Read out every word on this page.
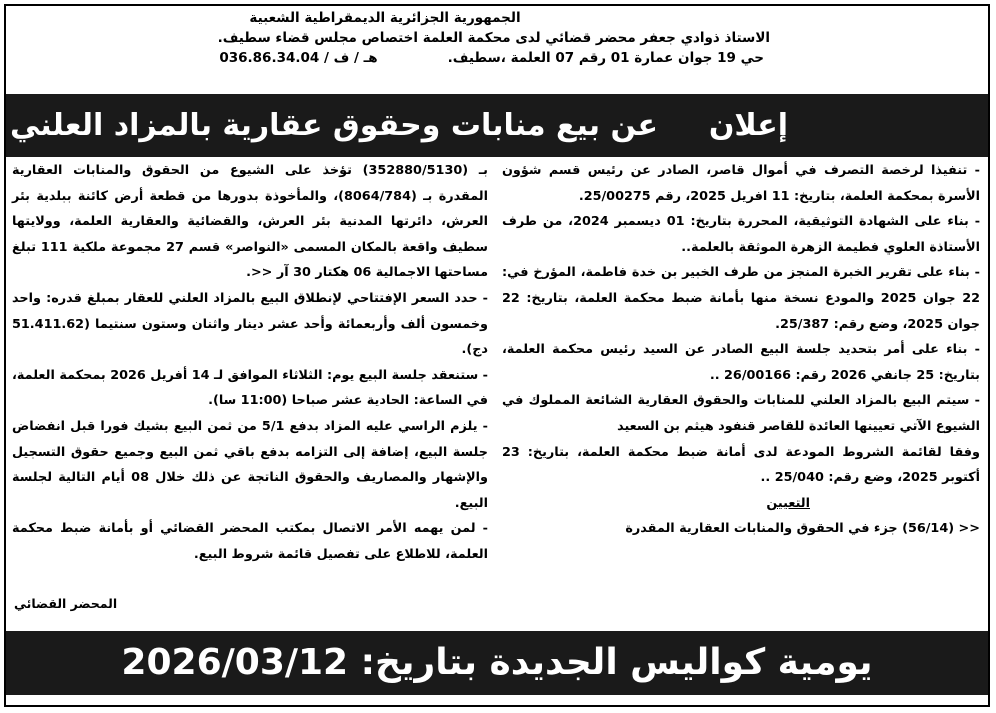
الجمهورية الجزائرية الديمقراطية الشعبية
الاستاذ ذوادي جعفر محضر قضائي لدى محكمة العلمة اختصاص مجلس قضاء سطيف.
حي 19 جوان عمارة 01 رقم 07 العلمة ،سطيف.هـ / ف / 036.86.34.04
إعلان
عن بيع منابات وحقوق عقارية بالمزاد العلني

- تنفيذا لرخصة التصرف في أموال قاصر، الصادر عن رئيس قسم شؤون الأسرة بمحكمة العلمة، بتاريخ: 11 افريل 2025، رقم 25/00275.

- بناء على الشهادة التوثيقية، المحررة بتاريخ: 01 ديسمبر 2024، من طرف الأستاذة العلوي فطيمة الزهرة الموثقة بالعلمة..

- بناء على تقرير الخبرة المنجز من طرف الخبير بن خدة فاطمة، المؤرخ في: 22 جوان 2025 والمودع نسخة منها بأمانة ضبط محكمة العلمة، بتاريخ: 22 جوان 2025، وضع رقم: 25/387.

- بناء على أمر بتحديد جلسة البيع الصادر عن السيد رئيس محكمة العلمة، بتاريخ: 25 جانفي 2026 رقم: 26/00166 ..

- سيتم البيع بالمزاد العلني للمنابات والحقوق العقارية الشائعة المملوك في الشيوع الآتي تعيينها العائدة للقاصر قنفود هيثم بن السعيد

وفقا لقائمة الشروط المودعة لدى أمانة ضبط محكمة العلمة، بتاريخ: 23 أكتوبر 2025، وضع رقم: 25/040 ..

التعيين

<< (56/14) جزء في الحقوق والمنابات العقارية المقدرة

بـ (352880/5130) تؤخذ على الشيوع من الحقوق والمنابات العقارية المقدرة بـ (8064/784)، والمأخوذة بدورها من قطعة أرض كائنة ببلدية بئر العرش، دائرتها المدنية بئر العرش، والقضائية والعقارية العلمة، وولايتها سطيف واقعة بالمكان المسمى «النواصر» قسم 27 مجموعة ملكية 111 تبلغ مساحتها الاجمالية 06 هكتار 30 آر <<.

- حدد السعر الإفتتاحي لإنطلاق البيع بالمزاد العلني للعقار بمبلغ قدره: واحد وخمسون ألف وأربعمائة وأحد عشر دينار واثنان وستون سنتيما (51.411.62 دج).

- ستنعقد جلسة البيع يوم: الثلاثاء الموافق لـ 14 أفريل 2026 بمحكمة العلمة، في الساعة: الحادية عشر صباحا (11:00 سا).

- يلزم الراسي عليه المزاد بدفع 5/1 من ثمن البيع بشيك فورا قبل انفضاض جلسة البيع، إضافة إلى التزامه بدفع باقي ثمن البيع وجميع حقوق التسجيل والإشهار والمصاريف والحقوق الناتجة عن ذلك خلال 08 أيام التالية لجلسة البيع.

- لمن يهمه الأمر الاتصال بمكتب المحضر القضائي أو بأمانة ضبط محكمة العلمة، للاطلاع على تفصيل قائمة شروط البيع.

المحضر القضائي
يومية كواليس الجديدة بتاريخ: 2026/03/12
